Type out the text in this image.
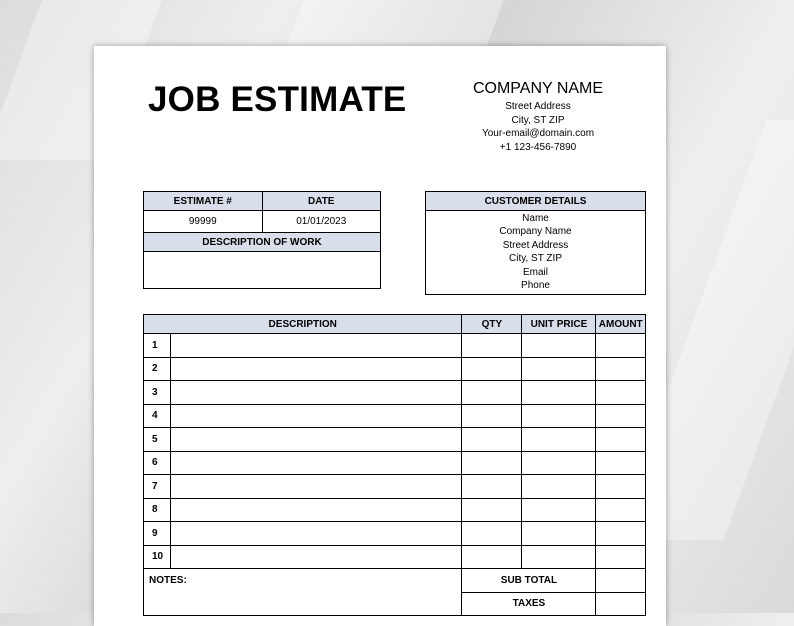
JOB ESTIMATE	COMPANY NAME
Street Address
City, ST ZIP
Your-email@domain.com
+1 123-456-7890
ESTIMATE #	DATE
99999	01/01/2023
DESCRIPTION OF WORK	

CUSTOMER DETAILS

Name
Company Name
Street Address
City, ST ZIP
Email
Phone
DESCRIPTION		QTY	UNIT PRICE	AMOUNT
1				
2				
3				
4				
5				
6				
7				
8				
9				
10				
NOTES:		SUB TOTAL		
		TAXES		
